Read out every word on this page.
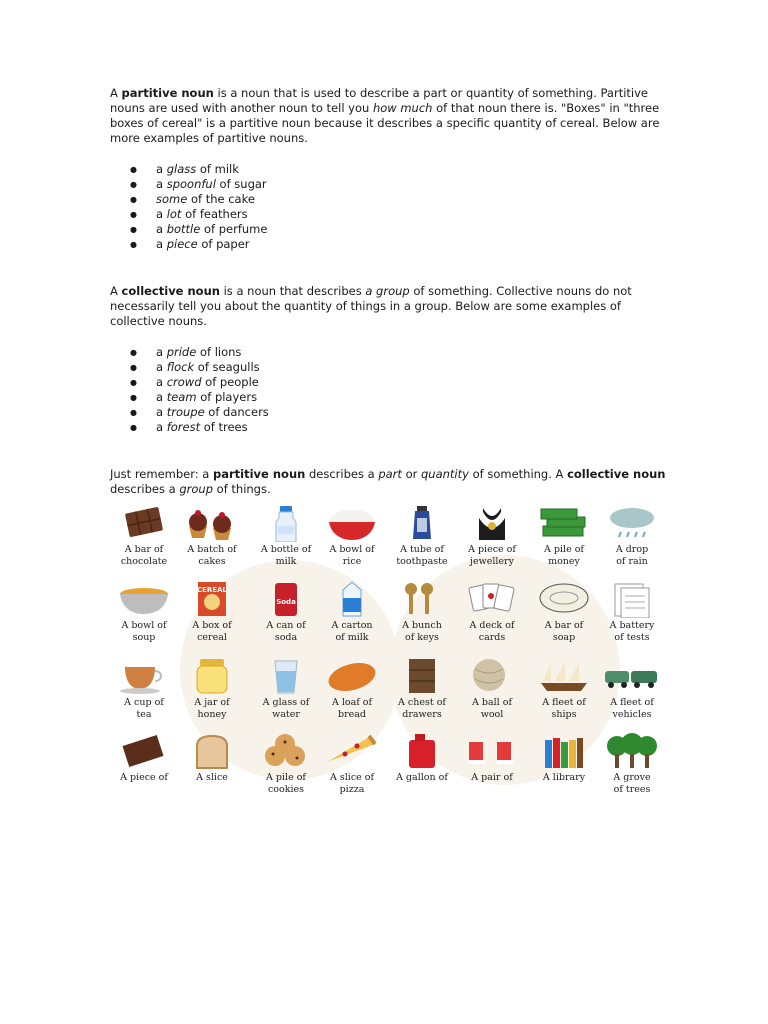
A partitive noun is a noun that is used to describe a part or quantity of something. Partitive nouns are used with another noun to tell you how much of that noun there is. "Boxes" in "three boxes of cereal" is a partitive noun because it describes a specific quantity of cereal. Below are more examples of partitive nouns.

● a glass of milk
● a spoonful of sugar
● some of the cake
● a lot of feathers
● a bottle of perfume
● a piece of paper

A collective noun is a noun that describes a group of something. Collective nouns do not necessarily tell you about the quantity of things in a group. Below are some examples of collective nouns.

● a pride of lions
● a flock of seagulls
● a crowd of people
● a team of players
● a troupe of dancers
● a forest of trees

Just remember: a partitive noun describes a part or quantity of something. A collective noun describes a group of things.

A bar of
chocolate
A batch of
cakes
A bottle of
milk
A bowl of
rice
A tube of
toothpaste
A piece of
jewellery
A pile of
money
A drop
of rain
A bowl of
soup
CEREAL
A box of
cereal
Soda
A can of
soda
A carton
of milk
A bunch
of keys
A deck of
cards
A bar of
soap
A battery
of tests
A cup of
tea
A jar of
honey
A glass of
water
A loaf of
bread
A chest of
drawers
A ball of
wool
A fleet of
ships
A fleet of
vehicles
A piece of	A slice	A pile of
cookies
A slice of
pizza
A gallon of	A pair of	A library	A grove
of trees
